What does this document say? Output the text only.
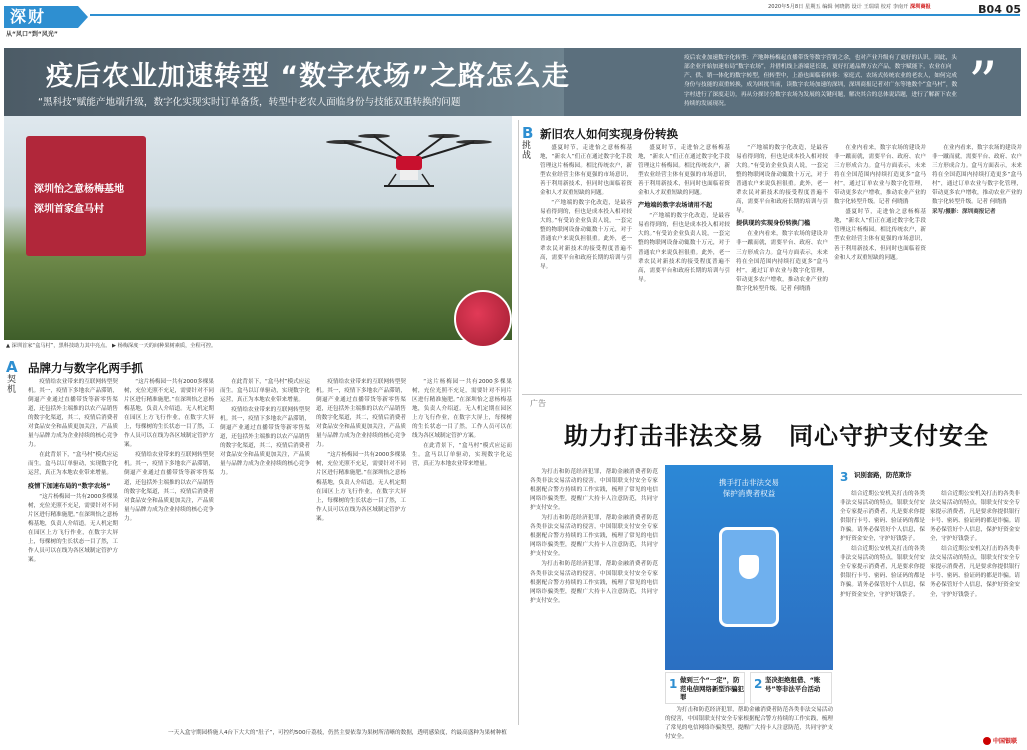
深财
从“风口”到“风光”
2020年5月8日 星期五 编辑 何晓鹃 设计 王瑞瑞 校对 李南开 深圳商报	B04 05
疫后农业加速转型 “数字农场”之路怎么走
“黑科技”赋能产地端升级，数字化实现实时订单备货，转型中老农人面临身份与技能双重转换的问题
疫后农业加速数字化转型：产地种杨梅起直播带货等数字营销之余，也对产业升级有了更好的认识。因此，头部企业开始加速布局“数字农场”，并借机线上游端延长链，更好打通品牌万农产品，数字赋能下，农业在向产、供、销一体化的数字转型，但转型中，上游也面临着转移：家庭式、农场式传统农业的老农人，如何完成身份与技能的双重转换，成为困扰当前，读数字农场加速的深圳，深圳商报记者对广东等地数个“盒马村”，数字村进行了深度走访，再从分探讨分数字农场为发展的关键问题，解决其合的总体说话题，进行了解新下农业持续的发展现况。	”
深圳怡之意杨梅基地
深圳首家盒马村
▲ 深圳首家“盒马村”，黑科技助力其中亮点。 ▶ 杨梅深度一天的间种果树素质，全程可控。
A
契机
品牌力与数字化两手抓

疫情给农业带来的互联网转型契机。其一，疫情下多地农产品滞销，倒逼产业通过直播带货等新零售渠道，还包括外主端推的以农产品销售的数字化渠道，其二，疫情后消费者对食品安全和品质更加关注，产品质量与品牌力成为企业持续的核心竞争力。

在此背景下，“盒马村”模式应运而生。盒马以订单驱动，实现数字化运营，真正为本地农业带来增量。

疫情下加速布局的“数字农场”

“这片杨梅园一共有2000多棵果树，充位光照不充足，需要针对不同片区进行精准施肥。”在深圳怡之意杨梅基地，负责人介绍道。无人机定期在园区上方飞行作业，在数字大屏上，每棵树的生长状态一目了然，工作人员可以在线为各区域制定管护方案。

“这片杨梅园一共有2000多棵果树，充位光照不充足，需要针对不同片区进行精准施肥。”在深圳怡之意杨梅基地，负责人介绍道。无人机定期在园区上方飞行作业，在数字大屏上，每棵树的生长状态一目了然，工作人员可以在线为各区域制定管护方案。

疫情给农业带来的互联网转型契机。其一，疫情下多地农产品滞销，倒逼产业通过直播带货等新零售渠道，还包括外主端推的以农产品销售的数字化渠道，其二，疫情后消费者对食品安全和品质更加关注，产品质量与品牌力成为企业持续的核心竞争力。

在此背景下，“盒马村”模式应运而生。盒马以订单驱动，实现数字化运营，真正为本地农业带来增量。

疫情给农业带来的互联网转型契机。其一，疫情下多地农产品滞销，倒逼产业通过直播带货等新零售渠道，还包括外主端推的以农产品销售的数字化渠道，其二，疫情后消费者对食品安全和品质更加关注，产品质量与品牌力成为企业持续的核心竞争力。

疫情给农业带来的互联网转型契机。其一，疫情下多地农产品滞销，倒逼产业通过直播带货等新零售渠道，还包括外主端推的以农产品销售的数字化渠道，其二，疫情后消费者对食品安全和品质更加关注，产品质量与品牌力成为企业持续的核心竞争力。

“这片杨梅园一共有2000多棵果树，充位光照不充足，需要针对不同片区进行精准施肥。”在深圳怡之意杨梅基地，负责人介绍道。无人机定期在园区上方飞行作业，在数字大屏上，每棵树的生长状态一目了然，工作人员可以在线为各区域制定管护方案。

“这片杨梅园一共有2000多棵果树，充位光照不充足，需要针对不同片区进行精准施肥。”在深圳怡之意杨梅基地，负责人介绍道。无人机定期在园区上方飞行作业，在数字大屏上，每棵树的生长状态一目了然，工作人员可以在线为各区域制定管护方案。

在此背景下，“盒马村”模式应运而生。盒马以订单驱动，实现数字化运营，真正为本地农业带来增量。

一天入盒守期园桥施人4台下大大的“肚子”，可控约500斤荔枝，仍然主要依靠为果树所清晰的数据，透明感染度，约最高盛种为果树种植
B
挑战
新旧农人如何实现身份转换

盛夏时节，走进怡之意杨梅基地，“新农人”们正在通过数字化手段管理这片杨梅园。相比传统农户，新型农业经营主体有更强的市场意识，善于利用新技术，但同时也面临着资金和人才双重短缺的问题。

“产地端的数字化改造，是最容易看得到的，但也是成本投入相对较大的。”有受访企业负责人说，一套完整的物联网设备动辄数十万元，对于普通农户来说负担很重。此外，老一辈农民对新技术的接受程度普遍不高，需要平台和政府长期的培训与引导。

盛夏时节，走进怡之意杨梅基地，“新农人”们正在通过数字化手段管理这片杨梅园。相比传统农户，新型农业经营主体有更强的市场意识，善于利用新技术，但同时也面临着资金和人才双重短缺的问题。

产地端的数字农场请用不起

“产地端的数字化改造，是最容易看得到的，但也是成本投入相对较大的。”有受访企业负责人说，一套完整的物联网设备动辄数十万元，对于普通农户来说负担很重。此外，老一辈农民对新技术的接受程度普遍不高，需要平台和政府长期的培训与引导。

“产地端的数字化改造，是最容易看得到的，但也是成本投入相对较大的。”有受访企业负责人说，一套完整的物联网设备动辄数十万元，对于普通农户来说负担很重。此外，老一辈农民对新技术的接受程度普遍不高，需要平台和政府长期的培训与引导。

提供现的实现身份转换门槛

在业内看来，数字农场的建设并非一蹴而就，需要平台、政府、农户三方形成合力。盒马方面表示，未来将在全国范围内持续打造更多“盒马村”，通过订单农业与数字化管理，带动更多农户增收，推动农业产业的数字化转型升级。记者 何晓鹃

在业内看来，数字农场的建设并非一蹴而就，需要平台、政府、农户三方形成合力。盒马方面表示，未来将在全国范围内持续打造更多“盒马村”，通过订单农业与数字化管理，带动更多农户增收，推动农业产业的数字化转型升级。记者 何晓鹃

盛夏时节，走进怡之意杨梅基地，“新农人”们正在通过数字化手段管理这片杨梅园。相比传统农户，新型农业经营主体有更强的市场意识，善于利用新技术，但同时也面临着资金和人才双重短缺的问题。

在业内看来，数字农场的建设并非一蹴而就，需要平台、政府、农户三方形成合力。盒马方面表示，未来将在全国范围内持续打造更多“盒马村”，通过订单农业与数字化管理，带动更多农户增收，推动农业产业的数字化转型升级。记者 何晓鹃

采写/摄影：深圳商报记者

广告
助力打击非法交易　同心守护支付安全

为打击和防范经济犯罪，帮助金融消费者防范各类非法交易活动的侵害，中国银联支付安全专家根据配合警方持续的工作实践，梳理了常见的电信网络诈骗类型，提醒广大持卡人注意防范，共同守护支付安全。

为打击和防范经济犯罪，帮助金融消费者防范各类非法交易活动的侵害，中国银联支付安全专家根据配合警方持续的工作实践，梳理了常见的电信网络诈骗类型，提醒广大持卡人注意防范，共同守护支付安全。

为打击和防范经济犯罪，帮助金融消费者防范各类非法交易活动的侵害，中国银联支付安全专家根据配合警方持续的工作实践，梳理了常见的电信网络诈骗类型，提醒广大持卡人注意防范，共同守护支付安全。

携手打击非法交易
保护消费者权益
1 做到三个“一定”，防范电信网络新型诈骗犯罪
2 坚决拒绝租借、“账号”等非法平台活动

为打击和防范经济犯罪，帮助金融消费者防范各类非法交易活动的侵害，中国银联支付安全专家根据配合警方持续的工作实践，梳理了常见的电信网络诈骗类型，提醒广大持卡人注意防范，共同守护支付安全。

3 识别套路，防范欺诈

结合近期公安机关打击的各类非法交易活动的特点，银联支付安全专家提示消费者，凡是要求你提供银行卡号、密码、验证码的都是诈骗。请务必保管好个人信息，保护好资金安全，守护好钱袋子。

结合近期公安机关打击的各类非法交易活动的特点，银联支付安全专家提示消费者，凡是要求你提供银行卡号、密码、验证码的都是诈骗。请务必保管好个人信息，保护好资金安全，守护好钱袋子。

结合近期公安机关打击的各类非法交易活动的特点，银联支付安全专家提示消费者，凡是要求你提供银行卡号、密码、验证码的都是诈骗。请务必保管好个人信息，保护好资金安全，守护好钱袋子。

结合近期公安机关打击的各类非法交易活动的特点，银联支付安全专家提示消费者，凡是要求你提供银行卡号、密码、验证码的都是诈骗。请务必保管好个人信息，保护好资金安全，守护好钱袋子。

中国银联
